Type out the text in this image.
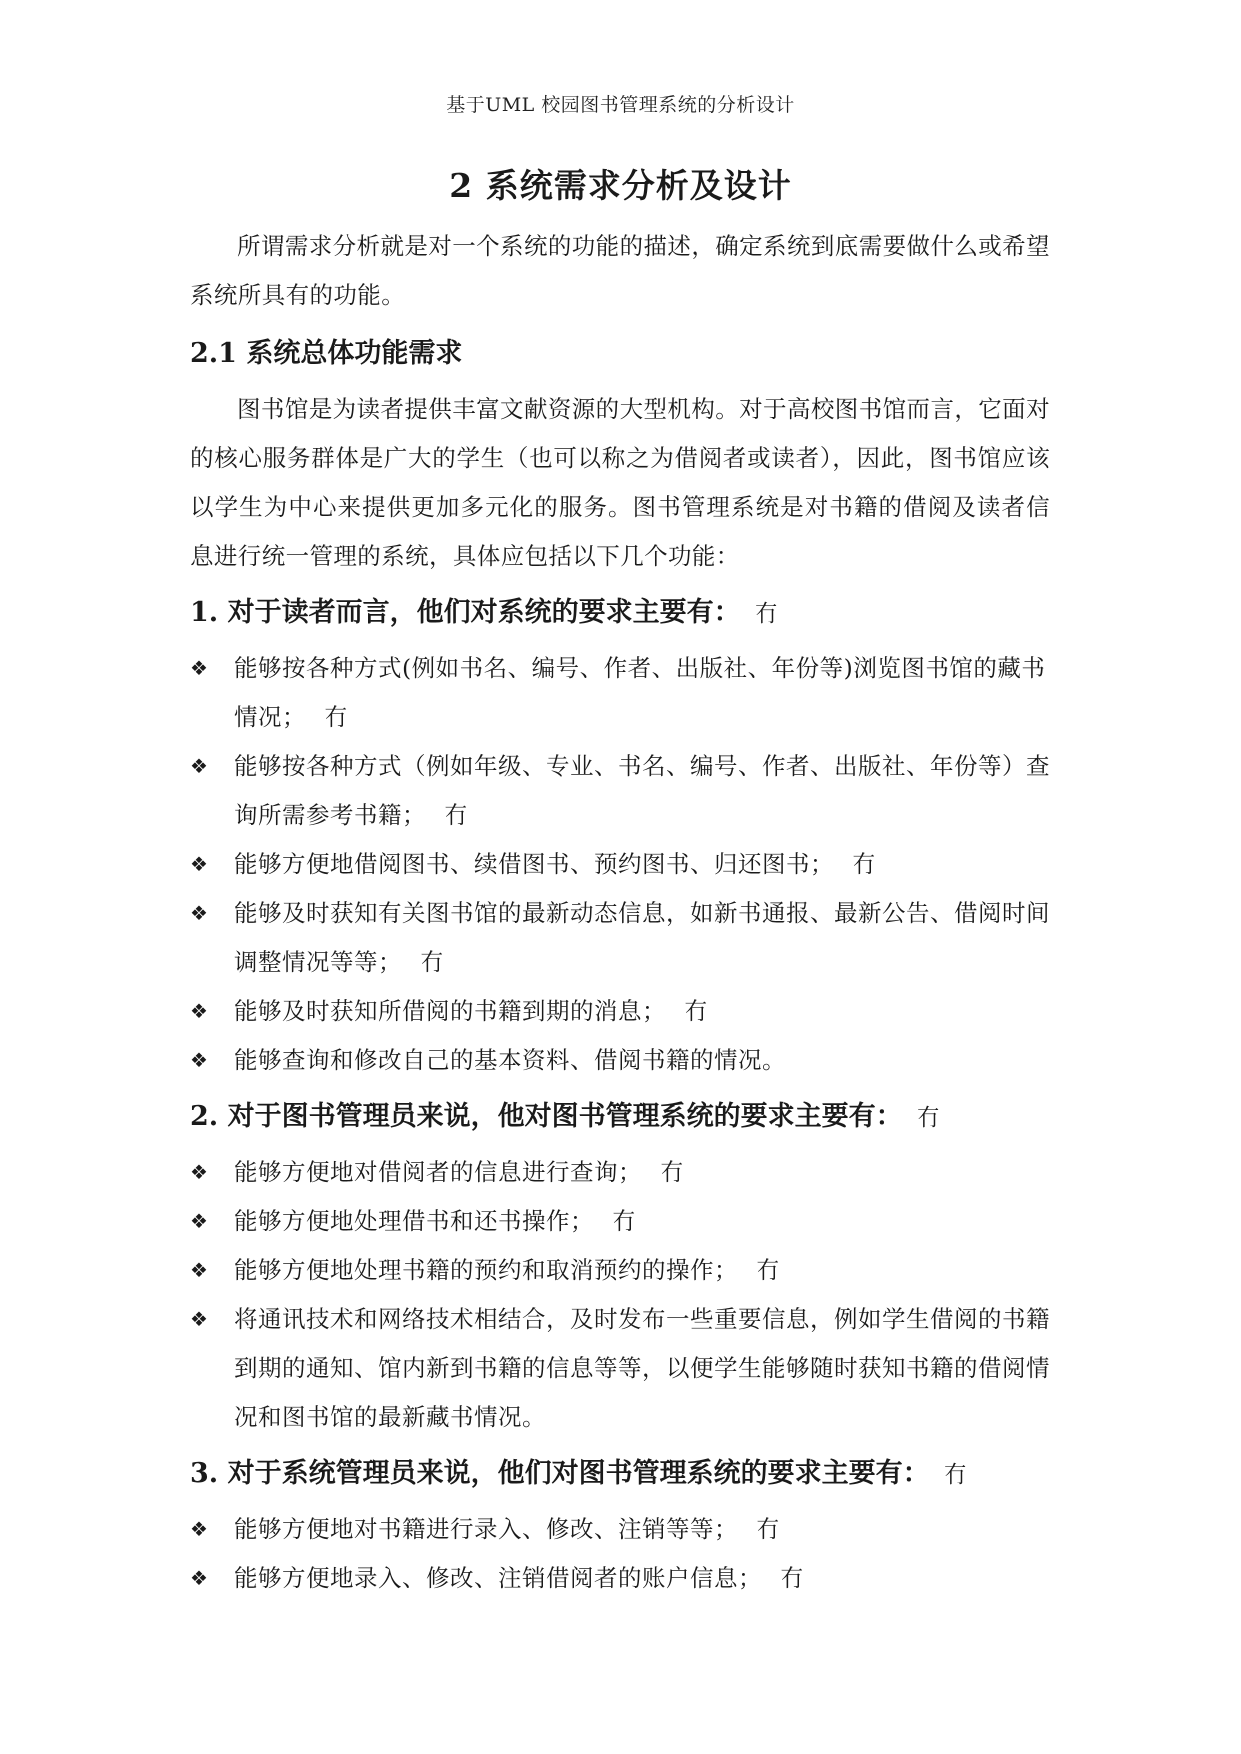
基于UML 校园图书管理系统的分析设计
2 系统需求分析及设计

所谓需求分析就是对一个系统的功能的描述，确定系统到底需要做什么或希望系统所具有的功能。

2.1 系统总体功能需求

图书馆是为读者提供丰富文献资源的大型机构。对于高校图书馆而言，它面对的核心服务群体是广大的学生（也可以称之为借阅者或读者），因此，图书馆应该以学生为中心来提供更加多元化的服务。图书管理系统是对书籍的借阅及读者信息进行统一管理的系统，具体应包括以下几个功能：

1. 对于读者而言，他们对系统的要求主要有： 冇
❖ 能够按各种方式(例如书名、编号、作者、出版社、年份等)浏览图书馆的藏书情况； 冇
❖ 能够按各种方式（例如年级、专业、书名、编号、作者、出版社、年份等）查询所需参考书籍； 冇
❖ 能够方便地借阅图书、续借图书、预约图书、归还图书； 冇
❖ 能够及时获知有关图书馆的最新动态信息，如新书通报、最新公告、借阅时间调整情况等等； 冇
❖ 能够及时获知所借阅的书籍到期的消息； 冇
❖ 能够查询和修改自己的基本资料、借阅书籍的情况。
2. 对于图书管理员来说，他对图书管理系统的要求主要有： 冇
❖ 能够方便地对借阅者的信息进行查询； 冇
❖ 能够方便地处理借书和还书操作； 冇
❖ 能够方便地处理书籍的预约和取消预约的操作； 冇
❖ 将通讯技术和网络技术相结合，及时发布一些重要信息，例如学生借阅的书籍到期的通知、馆内新到书籍的信息等等，以便学生能够随时获知书籍的借阅情况和图书馆的最新藏书情况。
3. 对于系统管理员来说，他们对图书管理系统的要求主要有： 冇
❖ 能够方便地对书籍进行录入、修改、注销等等； 冇
❖ 能够方便地录入、修改、注销借阅者的账户信息； 冇
